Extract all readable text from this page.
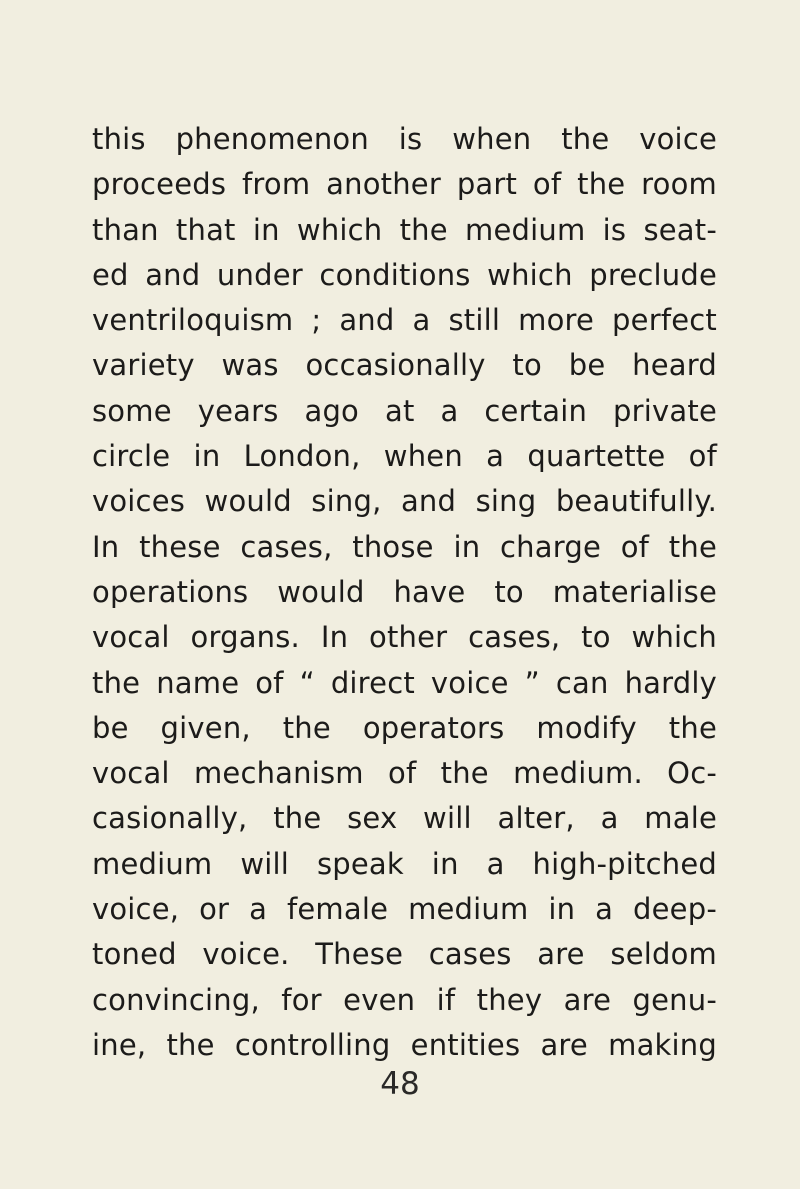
this phenomenon is when the voice
proceeds from another part of the room
than that in which the medium is seat-
ed and under conditions which preclude
ventriloquism ; and a still more perfect
variety was occasionally to be heard
some years ago at a certain private
circle in London, when a quartette of
voices would sing, and sing beautifully.
In these cases, those in charge of the
operations would have to materialise
vocal organs. In other cases, to which
the name of “ direct voice ” can hardly
be given, the operators modify the
vocal mechanism of the medium. Oc-
casionally, the sex will alter, a male
medium will speak in a high-pitched
voice, or a female medium in a deep-
toned voice. These cases are seldom
convincing, for even if they are genu-
ine, the controlling entities are making
48
